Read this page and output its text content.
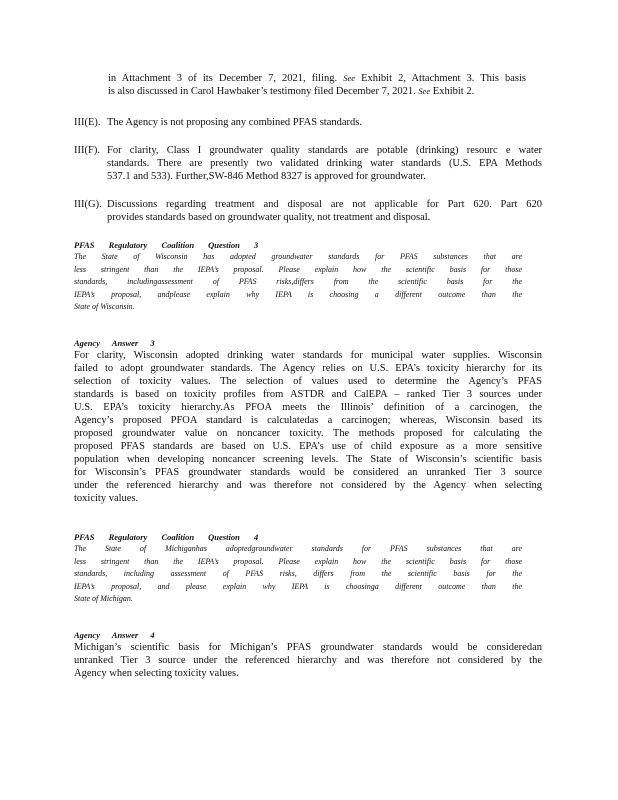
in Attachment 3 of its December 7, 2021, filing. See Exhibit 2, Attachment 3. This basis
is also discussed in Carol Hawbaker’s testimony filed December 7, 2021. See Exhibit 2.

III(E). The Agency is not proposing any combined PFAS standards.

III(F). For clarity, Class I groundwater quality standards are potable (drinking) resourc e water
standards. There are presently two validated drinking water standards (U.S. EPA Methods
537.1 and 533). Further,SW-846 Method 8327 is approved for groundwater.

III(G). Discussions regarding treatment and disposal are not applicable for Part 620. Part 620
provides standards based on groundwater quality, not treatment and disposal.

PFAS Regulatory Coalition Question 3

The State of Wisconsin has adopted groundwater standards for PFAS substances that are
less stringent than the IEPA’s proposal. Please explain how the scientific basis for those
standards, includingassessment of PFAS risks,differs from the scientific basis for the
IEPA’s proposal, andplease explain why IEPA is choosing a different outcome than the
State of Wisconsin.

Agency Answer 3

For clarity, Wisconsin adopted drinking water standards for municipal water supplies. Wisconsin
failed to adopt groundwater standards. The Agency relies on U.S. EPA’s toxicity hierarchy for its
selection of toxicity values. The selection of values used to determine the Agency’s PFAS
standards is based on toxicity profiles from ASTDR and CalEPA – ranked Tier 3 sources under
U.S. EPA’s toxicity hierarchy.As PFOA meets the Illinois’ definition of a carcinogen, the
Agency’s proposed PFOA standard is calculatedas a carcinogen; whereas, Wisconsin based its
proposed groundwater value on noncancer toxicity. The methods proposed for calculating the
proposed PFAS standards are based on U.S. EPA’s use of child exposure as a more sensitive
population when developing noncancer screening levels. The State of Wisconsin’s scientific basis
for Wisconsin’s PFAS groundwater standards would be considered an unranked Tier 3 source
under the referenced hierarchy and was therefore not considered by the Agency when selecting
toxicity values.

PFAS Regulatory Coalition Question 4

The State of Michiganhas adoptedgroundwater standards for PFAS substances that are
less stringent than the IEPA’s proposal. Please explain how the scientific basis for those
standards, including assessment of PFAS risks, differs from the scientific basis for the
IEPA’s proposal, and please explain why IEPA is choosinga different outcome than the
State of Michigan.

Agency Answer 4

Michigan’s scientific basis for Michigan’s PFAS groundwater standards would be consideredan
unranked Tier 3 source under the referenced hierarchy and was therefore not considered by the
Agency when selecting toxicity values.
